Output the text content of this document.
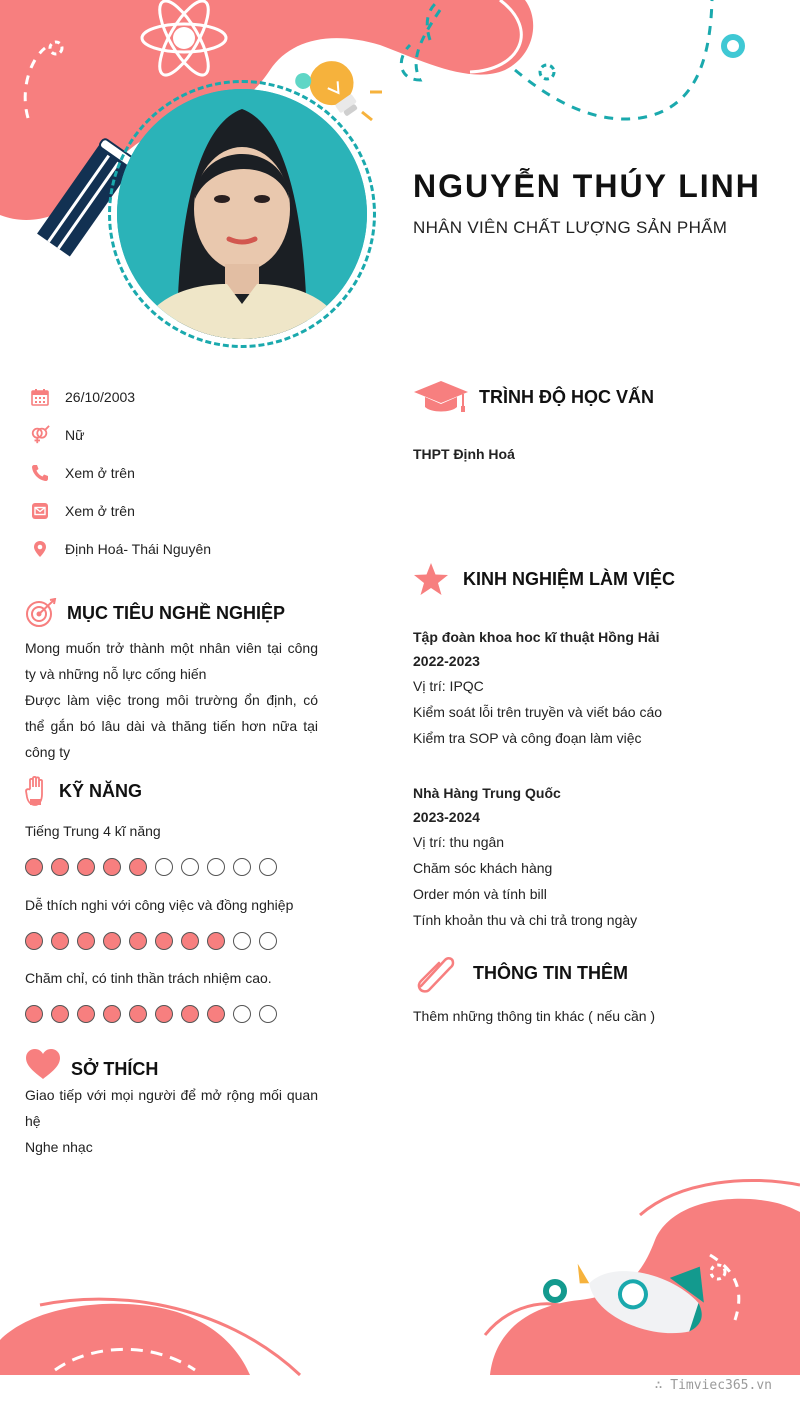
NGUYỄN THÚY LINH
NHÂN VIÊN CHẤT LƯỢNG SẢN PHẨM
26/10/2003
Nữ
Xem ở trên
Xem ở trên
Định Hoá- Thái Nguyên
MỤC TIÊU NGHỀ NGHIỆP
Mong muốn trở thành một nhân viên tại công ty và những nỗ lực cống hiến
Được làm việc trong môi trường ổn định, có thể gắn bó lâu dài và thăng tiến hơn nữa tại công ty
KỸ NĂNG
Tiếng Trung 4 kĩ năng
Dễ thích nghi với công việc và đồng nghiệp
Chăm chỉ, có tinh thần trách nhiệm cao.
SỞ THÍCH
Giao tiếp với mọi người để mở rộng mối quan hệ
Nghe nhạc
TRÌNH ĐỘ HỌC VẤN
THPT Định Hoá
KINH NGHIỆM LÀM VIỆC
Tập đoàn khoa hoc kĩ thuật Hồng Hải
2022-2023
Vị trí: IPQC
Kiểm soát lỗi trên truyền và viết báo cáo
Kiểm tra SOP và công đoạn làm việc
Nhà Hàng Trung Quốc
2023-2024
Vị trí: thu ngân
Chăm sóc khách hàng
Order món và tính bill
Tính khoản thu và chi trả trong ngày
THÔNG TIN THÊM
Thêm những thông tin khác ( nếu cần )
∴ Timviec365.vn
